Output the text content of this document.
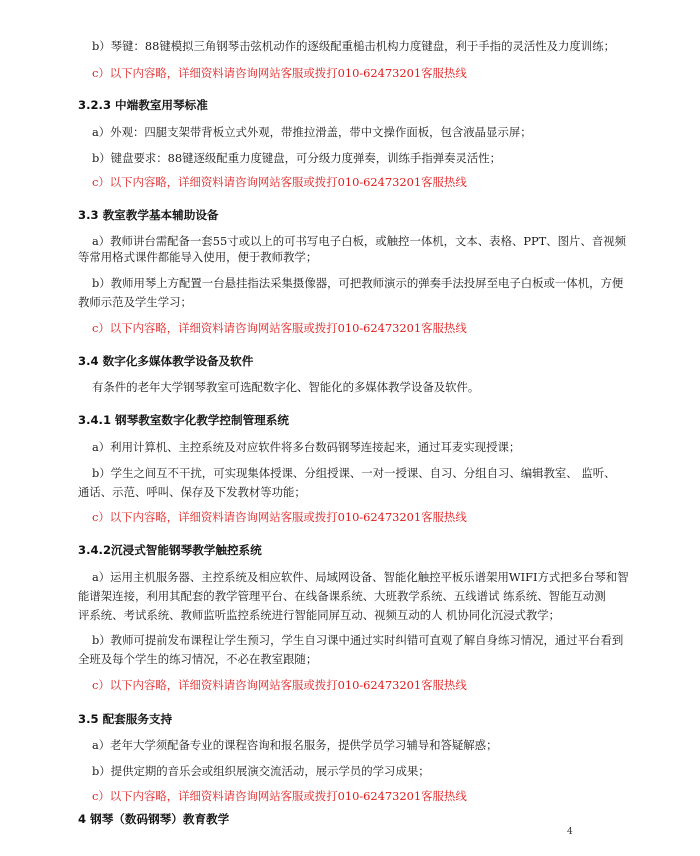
b）琴键：88键模拟三角钢琴击弦机动作的逐级配重槌击机构力度键盘，利于手指的灵活性及力度训练；
c）以下内容略，详细资料请咨询网站客服或拨打010-62473201客服热线
3.2.3 中端教室用琴标准
a）外观：四腿支架带背板立式外观，带推拉滑盖，带中文操作面板，包含液晶显示屏；
b）键盘要求：88键逐级配重力度键盘，可分级力度弹奏，训练手指弹奏灵活性；
c）以下内容略，详细资料请咨询网站客服或拨打010-62473201客服热线
3.3 教室教学基本辅助设备
a）教师讲台需配备一套55寸或以上的可书写电子白板，或触控一体机，文本、表格、PPT、图片、音视频
等常用格式课件都能导入使用，便于教师教学；
b）教师用琴上方配置一台悬挂指法采集摄像器，可把教师演示的弹奏手法投屏至电子白板或一体机，方便
教师示范及学生学习；
c）以下内容略，详细资料请咨询网站客服或拨打010-62473201客服热线
3.4 数字化多媒体教学设备及软件
有条件的老年大学钢琴教室可选配数字化、智能化的多媒体教学设备及软件。
3.4.1 钢琴教室数字化教学控制管理系统
a）利用计算机、主控系统及对应软件将多台数码钢琴连接起来，通过耳麦实现授课；
b）学生之间互不干扰，可实现集体授课、分组授课、一对一授课、自习、分组自习、编辑教室、 监听、
通话、示范、呼叫、保存及下发教材等功能；
c）以下内容略，详细资料请咨询网站客服或拨打010-62473201客服热线
3.4.2沉浸式智能钢琴教学触控系统
a）运用主机服务器、主控系统及相应软件、局域网设备、智能化触控平板乐谱架用WIFI方式把多台琴和智
能谱架连接，利用其配套的教学管理平台、在线备课系统、大班教学系统、五线谱试 练系统、智能互动测
评系统、考试系统、教师监听监控系统进行智能同屏互动、视频互动的人 机协同化沉浸式教学；
b）教师可提前发布课程让学生预习，学生自习课中通过实时纠错可直观了解自身练习情况，通过平台看到
全班及每个学生的练习情况，不必在教室跟随；
c）以下内容略，详细资料请咨询网站客服或拨打010-62473201客服热线
3.5 配套服务支持
a）老年大学须配备专业的课程咨询和报名服务，提供学员学习辅导和答疑解惑；
b）提供定期的音乐会或组织展演交流活动，展示学员的学习成果；
c）以下内容略，详细资料请咨询网站客服或拨打010-62473201客服热线
4 钢琴（数码钢琴）教育教学
4
